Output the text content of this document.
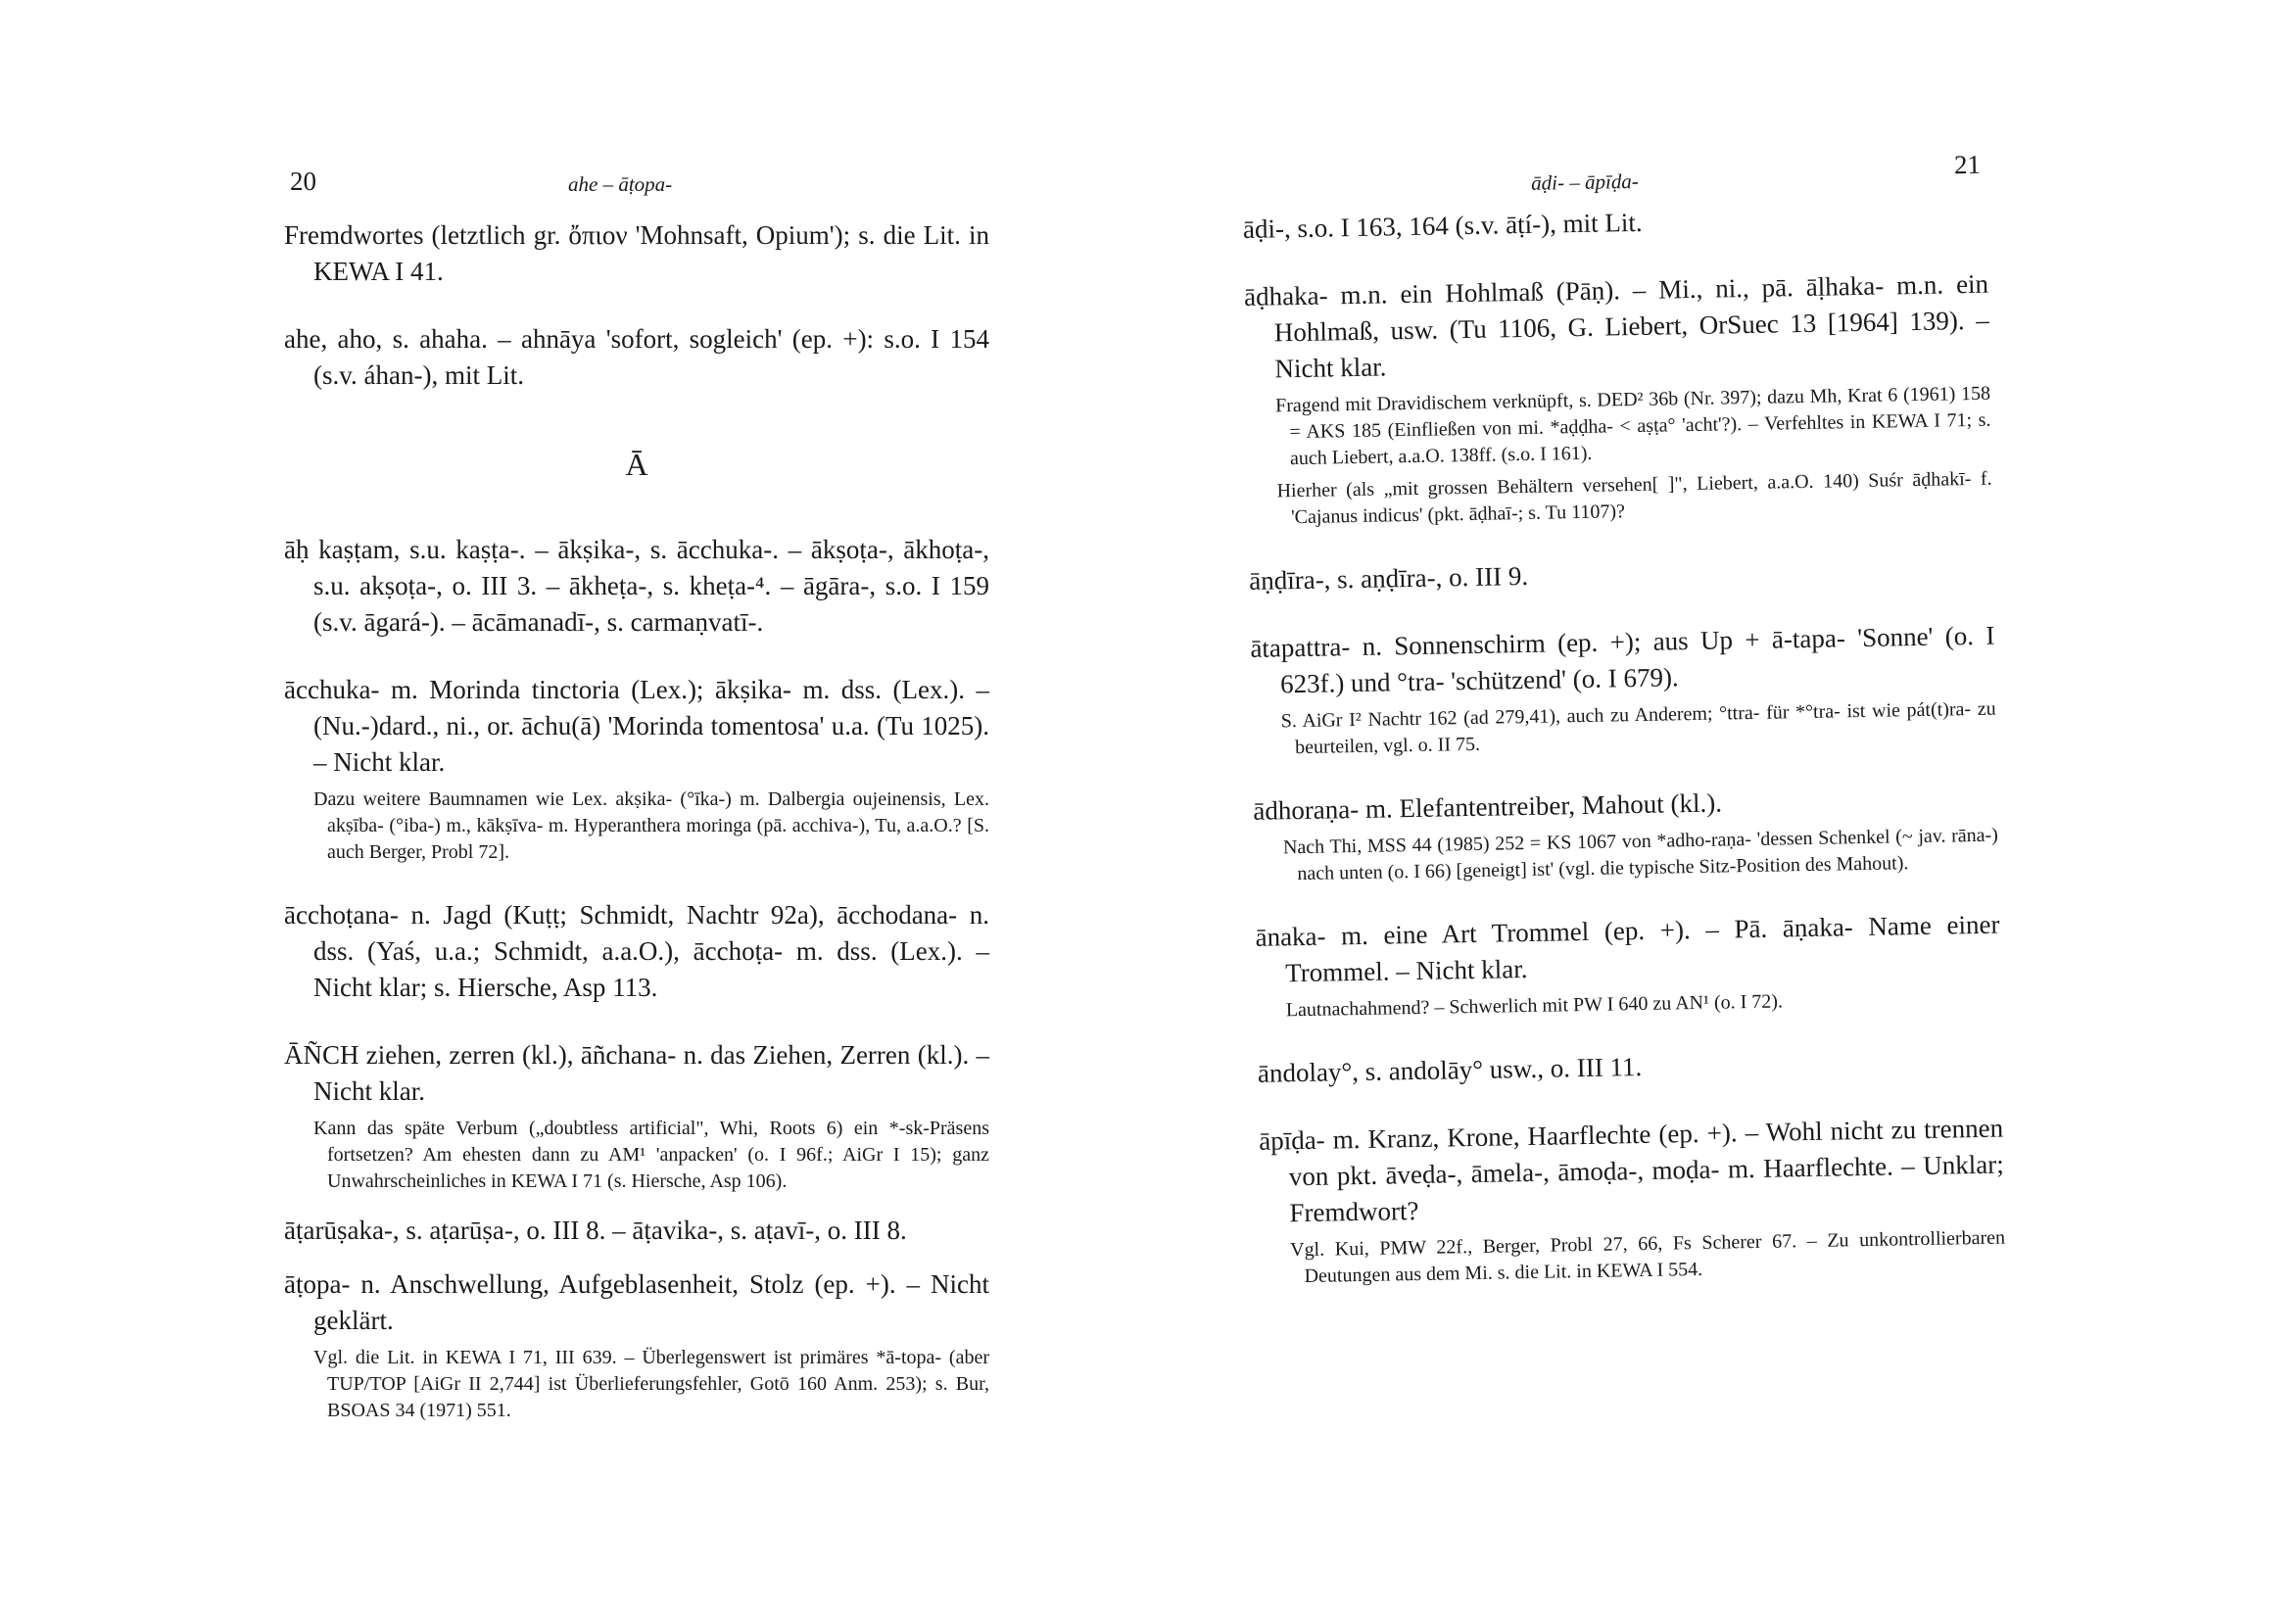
20	ahe – āṭopa-

Fremdwortes (letztlich gr. ὄπιον 'Mohnsaft, Opium'); s. die Lit. in KEWA I 41.

ahe, aho, s. ahaha. – ahnāya 'sofort, sogleich' (ep. +): s.o. I 154 (s.v. áhan-), mit Lit.

Ā

āḥ kaṣṭam, s.u. kaṣṭa-. – ākṣika-, s. ācchuka-. – ākṣoṭa-, ākhoṭa-, s.u. akṣoṭa-, o. III 3. – ākheṭa-, s. kheṭa-⁴. – āgāra-, s.o. I 159 (s.v. āgará-). – ācāmanadī-, s. carmaṇvatī-.

ācchuka- m. Morinda tinctoria (Lex.); ākṣika- m. dss. (Lex.). – (Nu.-)dard., ni., or. āchu(ā) 'Morinda tomentosa' u.a. (Tu 1025). – Nicht klar.

Dazu weitere Baumnamen wie Lex. akṣika- (°īka-) m. Dalbergia oujeinensis, Lex. akṣība- (°iba-) m., kākṣīva- m. Hyperanthera moringa (pā. acchiva-), Tu, a.a.O.? [S. auch Berger, Probl 72].

ācchoṭana- n. Jagd (Kuṭṭ; Schmidt, Nachtr 92a), ācchodana- n. dss. (Yaś, u.a.; Schmidt, a.a.O.), ācchoṭa- m. dss. (Lex.). – Nicht klar; s. Hiersche, Asp 113.

ĀÑCH ziehen, zerren (kl.), āñchana- n. das Ziehen, Zerren (kl.). – Nicht klar.

Kann das späte Verbum („doubtless artificial", Whi, Roots 6) ein *-sk-Präsens fortsetzen? Am ehesten dann zu AM¹ 'anpacken' (o. I 96f.; AiGr I 15); ganz Unwahrscheinliches in KEWA I 71 (s. Hiersche, Asp 106).

āṭarūṣaka-, s. aṭarūṣa-, o. III 8. – āṭavika-, s. aṭavī-, o. III 8.

āṭopa- n. Anschwellung, Aufgeblasenheit, Stolz (ep. +). – Nicht geklärt.

Vgl. die Lit. in KEWA I 71, III 639. – Überlegenswert ist primäres *ā-topa- (aber TUP/TOP [AiGr II 2,744] ist Überlieferungsfehler, Gotō 160 Anm. 253); s. Bur, BSOAS 34 (1971) 551.

āḍi- – āpīḍa-
21

āḍi-, s.o. I 163, 164 (s.v. āṭí-), mit Lit.

āḍhaka- m.n. ein Hohlmaß (Pāṇ). – Mi., ni., pā. āḷhaka- m.n. ein Hohlmaß, usw. (Tu 1106, G. Liebert, OrSuec 13 [1964] 139). – Nicht klar.

Fragend mit Dravidischem verknüpft, s. DED² 36b (Nr. 397); dazu Mh, Krat 6 (1961) 158 = AKS 185 (Einfließen von mi. *aḍḍha- < aṣṭa° 'acht'?). – Verfehltes in KEWA I 71; s. auch Liebert, a.a.O. 138ff. (s.o. I 161).

Hierher (als „mit grossen Behältern versehen[ ]", Liebert, a.a.O. 140) Suśr āḍhakī- f. 'Cajanus indicus' (pkt. āḍhaī-; s. Tu 1107)?

āṇḍīra-, s. aṇḍīra-, o. III 9.

ātapattra- n. Sonnenschirm (ep. +); aus Up + ā-tapa- 'Sonne' (o. I 623f.) und °tra- 'schützend' (o. I 679).

S. AiGr I² Nachtr 162 (ad 279,41), auch zu Anderem; °ttra- für *°tra- ist wie pát(t)ra- zu beurteilen, vgl. o. II 75.

ādhoraṇa- m. Elefantentreiber, Mahout (kl.).

Nach Thi, MSS 44 (1985) 252 = KS 1067 von *adho-raṇa- 'dessen Schenkel (~ jav. rāna-) nach unten (o. I 66) [geneigt] ist' (vgl. die typische Sitz-Position des Mahout).

ānaka- m. eine Art Trommel (ep. +). – Pā. āṇaka- Name einer Trommel. – Nicht klar.

Lautnachahmend? – Schwerlich mit PW I 640 zu AN¹ (o. I 72).

āndolay°, s. andolāy° usw., o. III 11.

āpīḍa- m. Kranz, Krone, Haarflechte (ep. +). – Wohl nicht zu trennen von pkt. āveḍa-, āmela-, āmoḍa-, moḍa- m. Haarflechte. – Unklar; Fremdwort?

Vgl. Kui, PMW 22f., Berger, Probl 27, 66, Fs Scherer 67. – Zu unkontrollierbaren Deutungen aus dem Mi. s. die Lit. in KEWA I 554.
